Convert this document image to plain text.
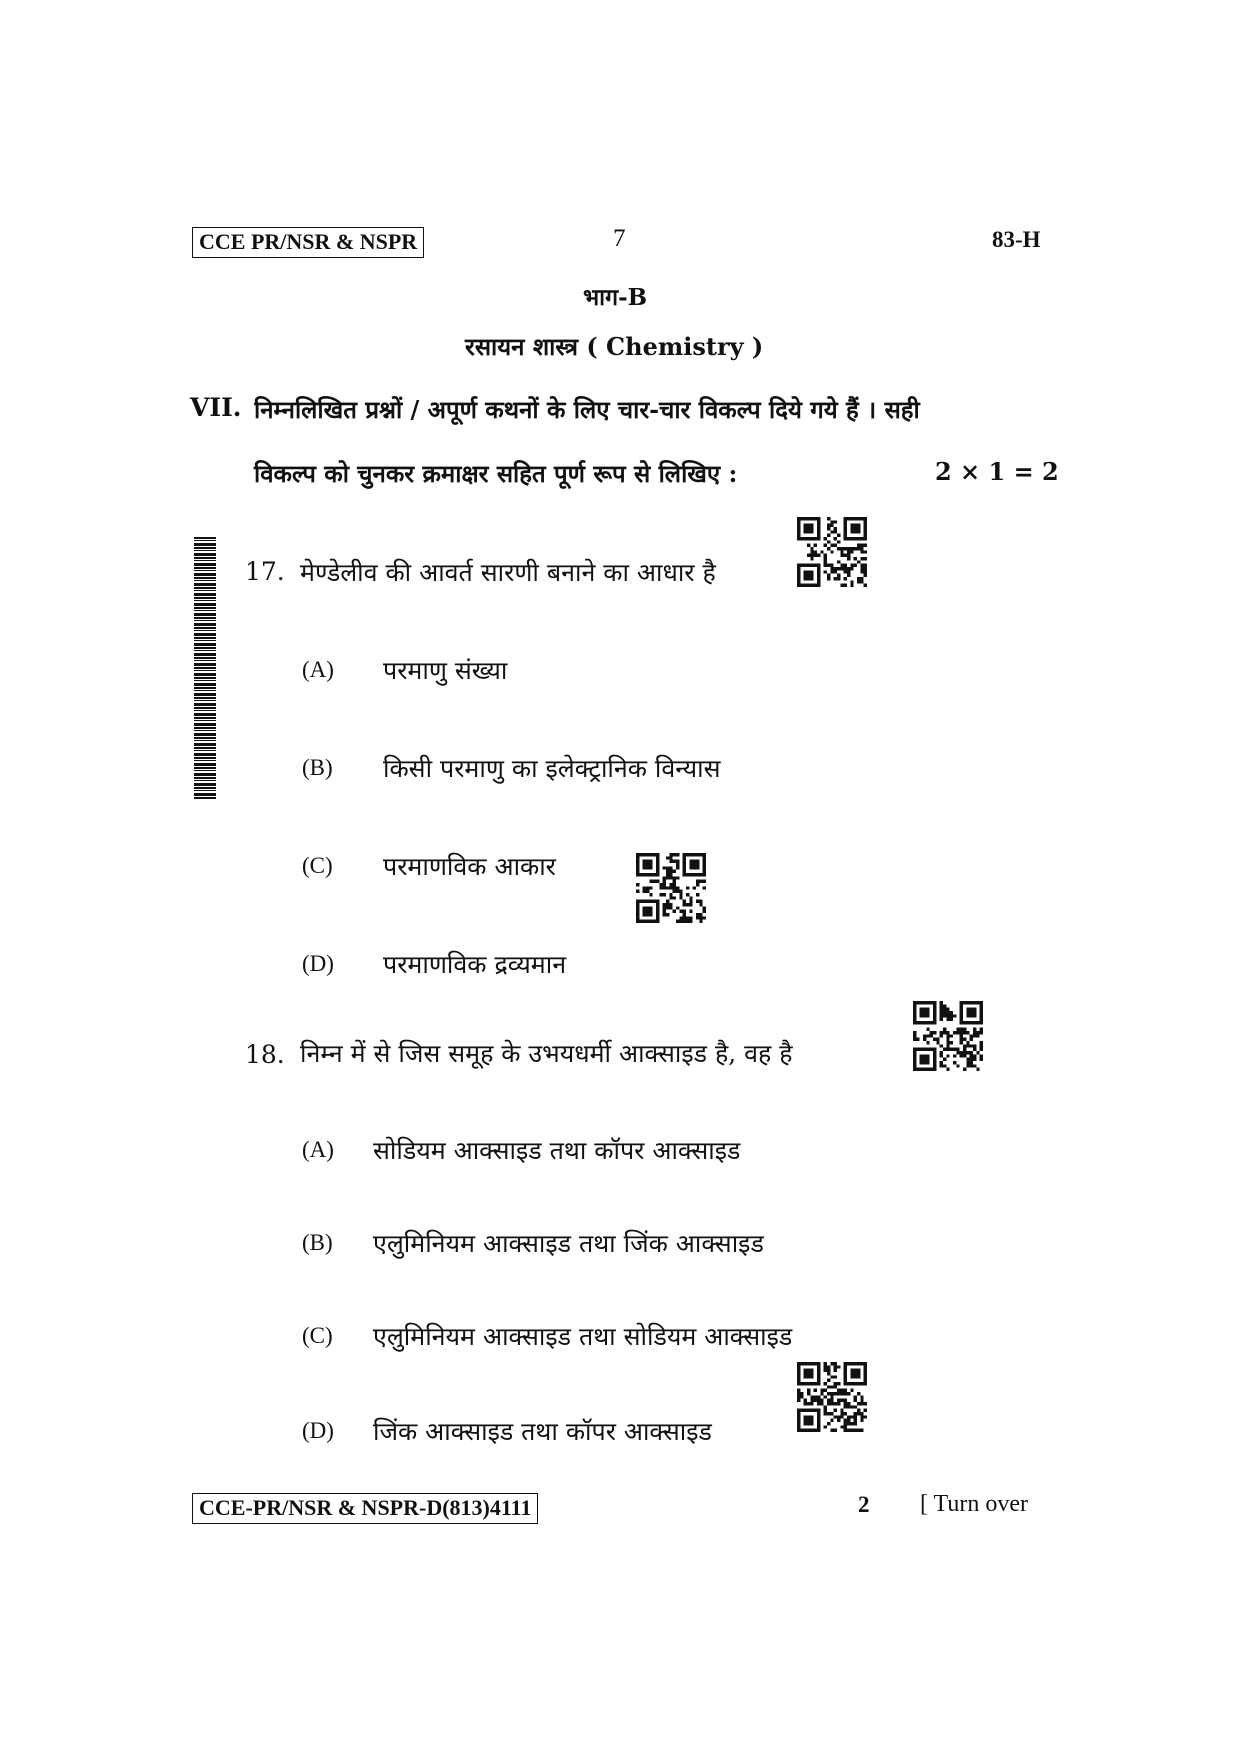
CCE PR/NSR & NSPR	7	83-H
भाग-B
रसायन शास्त्र ( Chemistry )
VII. निम्नलिखित प्रश्नों / अपूर्ण कथनों के लिए चार-चार विकल्प दिये गये हैं । सही
विकल्प को चुनकर क्रमाक्षर सहित पूर्ण रूप से लिखिए :	2 × 1 = 2
17. मेण्डेलीव की आवर्त सारणी बनाने का आधार है
(A) परमाणु संख्या
(B) किसी परमाणु का इलेक्ट्रानिक विन्यास
(C) परमाणविक आकार
(D) परमाणविक द्रव्यमान
18. निम्न में से जिस समूह के उभयधर्मी आक्साइड है, वह है
(A) सोडियम आक्साइड तथा कॉपर आक्साइड
(B) एलुमिनियम आक्साइड तथा जिंक आक्साइड
(C) एलुमिनियम आक्साइड तथा सोडियम आक्साइड
(D) जिंक आक्साइड तथा कॉपर आक्साइड
CCE-PR/NSR & NSPR-D(813)4111	2 [ Turn over
